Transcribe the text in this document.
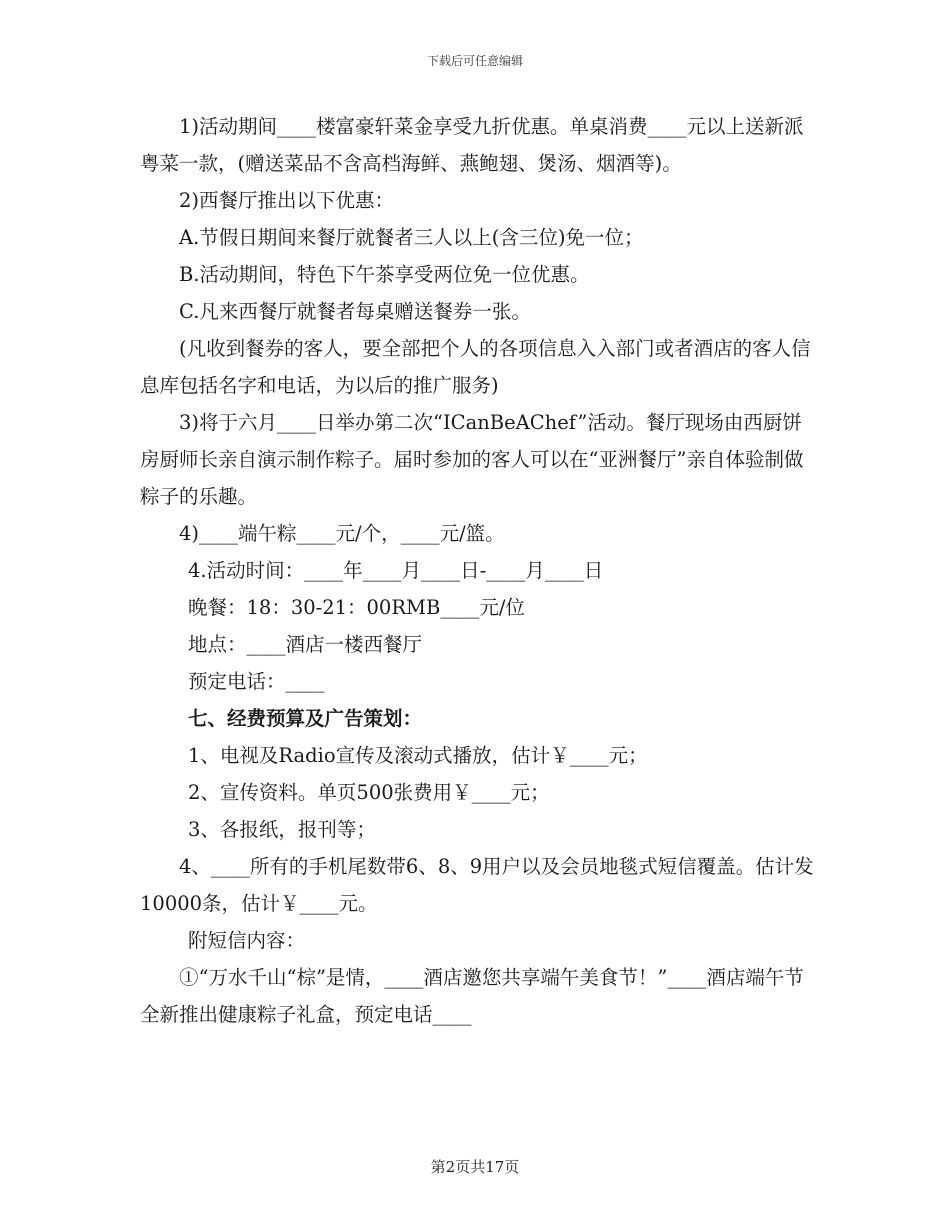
下载后可任意编辑

1)活动期间____楼富豪轩菜金享受九折优惠。单桌消费____元以上送新派粤菜一款，(赠送菜品不含高档海鲜、燕鲍翅、煲汤、烟酒等)。

2)西餐厅推出以下优惠：

A.节假日期间来餐厅就餐者三人以上(含三位)免一位；

B.活动期间，特色下午茶享受两位免一位优惠。

C.凡来西餐厅就餐者每桌赠送餐券一张。

(凡收到餐券的客人，要全部把个人的各项信息入入部门或者酒店的客人信息库包括名字和电话，为以后的推广服务)

3)将于六月____日举办第二次“ICanBeAChef”活动。餐厅现场由西厨饼房厨师长亲自演示制作粽子。届时参加的客人可以在“亚洲餐厅”亲自体验制做粽子的乐趣。

4)____端午粽____元/个，____元/篮。

4.活动时间：____年____月____日-____月____日

晚餐：18：30-21：00RMB____元/位

地点：____酒店一楼西餐厅

预定电话：____

七、经费预算及广告策划：

1、电视及Radio宣传及滚动式播放，估计￥____元；

2、宣传资料。单页500张费用￥____元；

3、各报纸，报刊等；

4、____所有的手机尾数带6、8、9用户以及会员地毯式短信覆盖。估计发10000条，估计￥____元。

附短信内容：

①“万水千山“棕”是情，____酒店邀您共享端午美食节！”____酒店端午节全新推出健康粽子礼盒，预定电话____

第2页共17页
